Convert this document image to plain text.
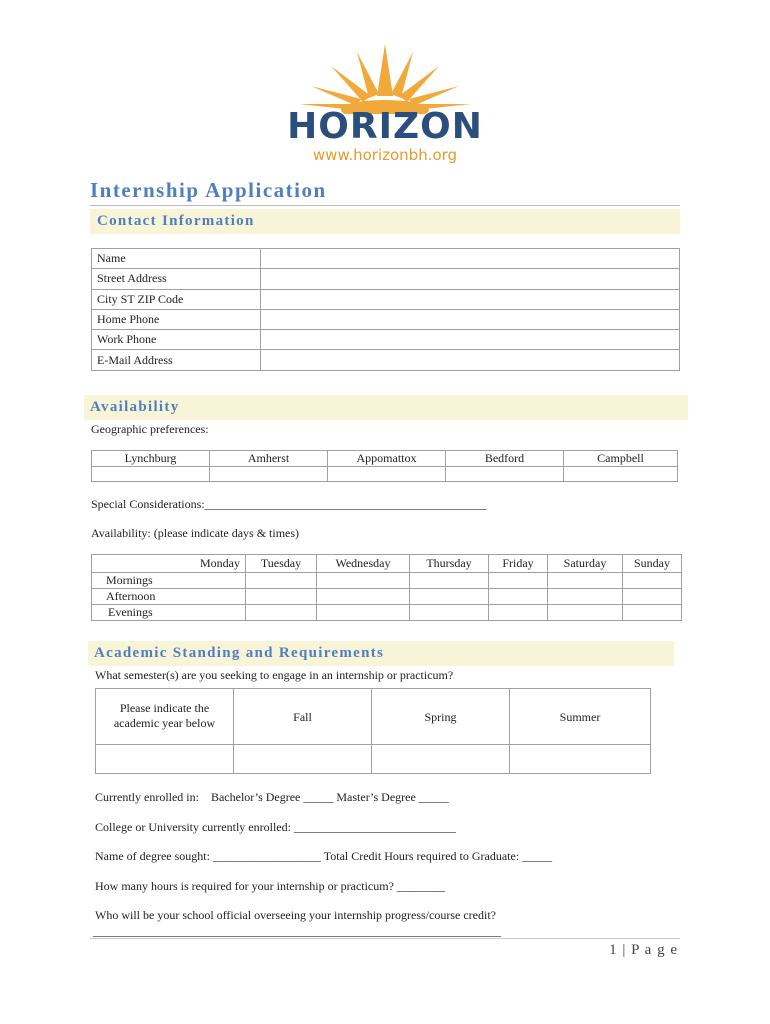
HORIZON
www.horizonbh.org
Internship Application
Contact Information
Name	
Street Address	
City ST ZIP Code	
Home Phone	
Work Phone	
E-Mail Address	
Availability
Geographic preferences:
Lynchburg	Amherst	Appomattox	Bedford	Campbell

Special Considerations:_______________________________________________
Availability: (please indicate days & times)
	Monday	Tuesday	Wednesday	Thursday	Friday	Saturday	Sunday
Mornings							
Afternoon							
Evenings							
Academic Standing and Requirements
What semester(s) are you seeking to engage in an internship or practicum?
Please indicate the
academic year below	Fall	Spring	Summer

Currently enrolled in:    Bachelor’s Degree _____ Master’s Degree _____
College or University currently enrolled: ___________________________
Name of degree sought: __________________ Total Credit Hours required to Graduate: _____
How many hours is required for your internship or practicum? ________
Who will be your school official overseeing your internship progress/course credit?
____________________________________________________________________
1 | P a g e
